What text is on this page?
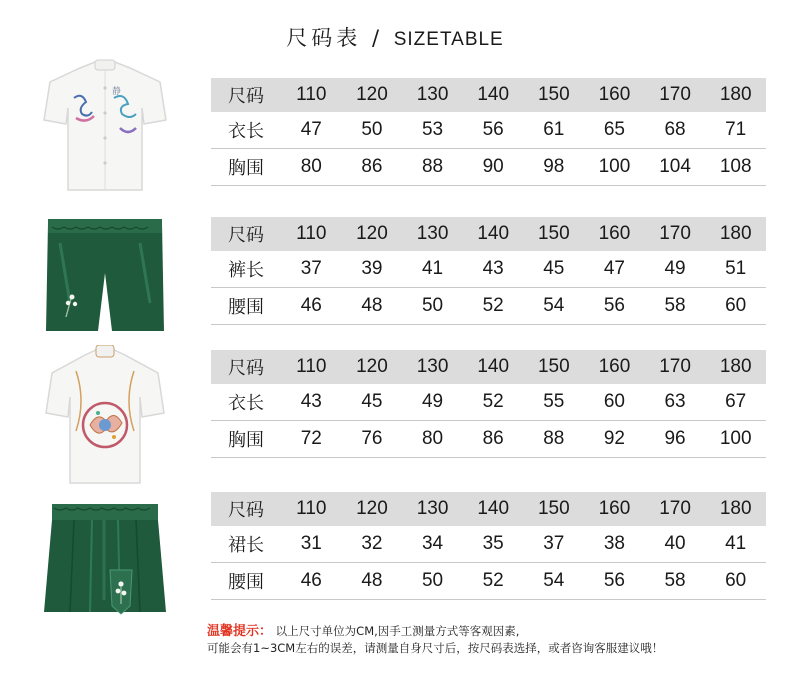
尺码表 / SIZETABLE
静	尺码	110	120	130	140	150	160	170	180
衣长	47	50	53	56	61	65	68	71
胸围	80	86	88	90	98	100	104	108
尺码	110	120	130	140	150	160	170	180
裤长	37	39	41	43	45	47	49	51
腰围	46	48	50	52	54	56	58	60
尺码	110	120	130	140	150	160	170	180
衣长	43	45	49	52	55	60	63	67
胸围	72	76	80	86	88	92	96	100
尺码	110	120	130	140	150	160	170	180
裙长	31	32	34	35	37	38	40	41
腰围	46	48	50	52	54	56	58	60
温馨提示： 以上尺寸单位为CM,因手工测量方式等客观因素,
可能会有1~3CM左右的误差，请测量自身尺寸后，按尺码表选择，或者咨询客服建议哦！
